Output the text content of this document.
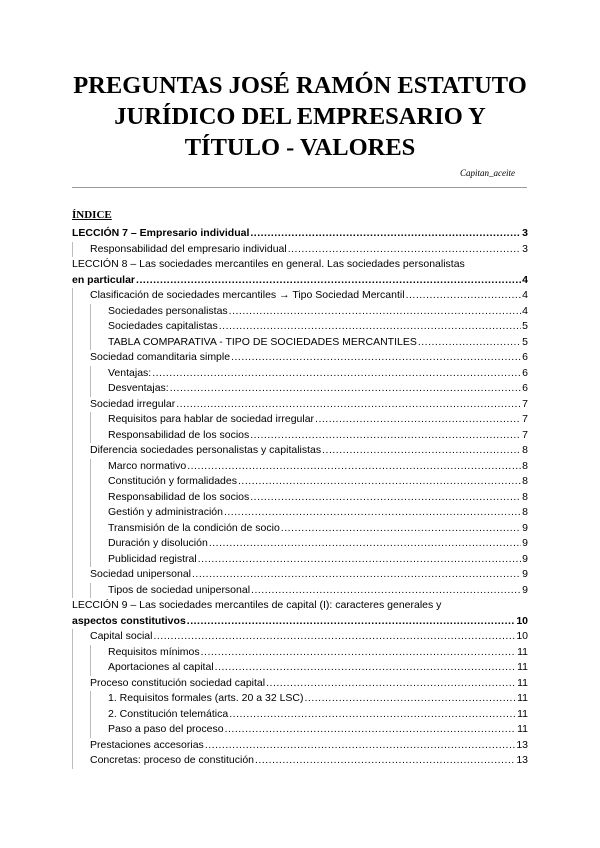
PREGUNTAS JOSÉ RAMÓN ESTATUTO
JURÍDICO DEL EMPRESARIO Y
TÍTULO - VALORES
Capitan_aceite
ÍNDICE
LECCIÓN 7 – Empresario individual .....	3
Responsabilidad del empresario individual .....	3
LECCIÓN 8 – Las sociedades mercantiles en general. Las sociedades personalistas
en particular .....	4
Clasificación de sociedades mercantiles → Tipo Sociedad Mercantil .....	4
Sociedades personalistas .....	4
Sociedades capitalistas .....	5
TABLA COMPARATIVA - TIPO DE SOCIEDADES MERCANTILES .....	5
Sociedad comanditaria simple .....	6
Ventajas: .....	6
Desventajas: .....	6
Sociedad irregular .....	7
Requisitos para hablar de sociedad irregular .....	7
Responsabilidad de los socios .....	7
Diferencia sociedades personalistas y capitalistas .....	8
Marco normativo .....	8
Constitución y formalidades .....	8
Responsabilidad de los socios .....	8
Gestión y administración .....	8
Transmisión de la condición de socio .....	9
Duración y disolución .....	9
Publicidad registral .....	9
Sociedad unipersonal .....	9
Tipos de sociedad unipersonal .....	9
LECCIÓN 9 – Las sociedades mercantiles de capital (I): caracteres generales y
aspectos constitutivos .....	10
Capital social .....	10
Requisitos mínimos .....	11
Aportaciones al capital .....	11
Proceso constitución sociedad capital .....	11
1. Requisitos formales (arts. 20 a 32 LSC) .....	11
2. Constitución telemática .....	11
Paso a paso del proceso .....	11
Prestaciones accesorias .....	13
Concretas: proceso de constitución .....	13
